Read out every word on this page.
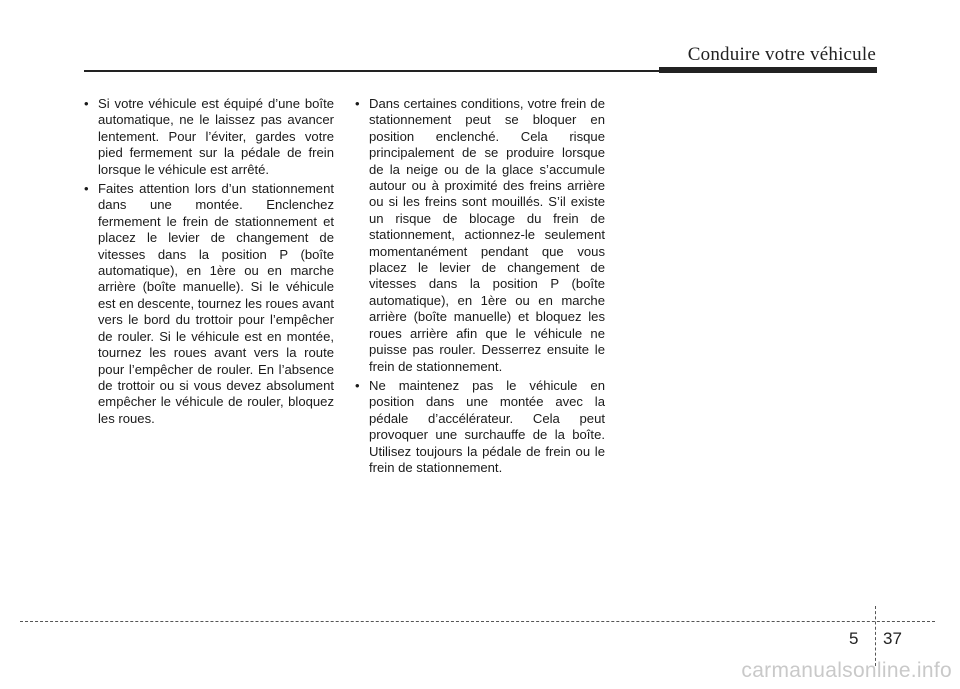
Conduire votre véhicule

• Si votre véhicule est équipé d’une boîte automatique, ne le laissez pas avancer lentement. Pour l’éviter, gardes votre pied fermement sur la pédale de frein lorsque le véhicule est arrêté.

• Faites attention lors d’un stationnement dans une montée. Enclenchez fermement le frein de stationnement et placez le levier de changement de vitesses dans la position P (boîte automatique), en 1ère ou en marche arrière (boîte manuelle). Si le véhicule est en descente, tournez les roues avant vers le bord du trottoir pour l’empêcher de rouler. Si le véhicule est en montée, tournez les roues avant vers la route pour l’empêcher de rouler. En l’absence de trottoir ou si vous devez absolument empêcher le véhicule de rouler, bloquez les roues.

• Dans certaines conditions, votre frein de stationnement peut se bloquer en position enclenché. Cela risque principalement de se produire lorsque de la neige ou de la glace s’accumule autour ou à proximité des freins arrière ou si les freins sont mouillés. S’il existe un risque de blocage du frein de stationnement, actionnez-le seulement momentanément pendant que vous placez le levier de changement de vitesses dans la position P (boîte automatique), en 1ère ou en marche arrière (boîte manuelle) et bloquez les roues arrière afin que le véhicule ne puisse pas rouler. Desserrez ensuite le frein de stationnement.

• Ne maintenez pas le véhicule en position dans une montée avec la pédale d’accélérateur. Cela peut provoquer une surchauffe de la boîte. Utilisez toujours la pédale de frein ou le frein de stationnement.

5 37
carmanualsonline.info
